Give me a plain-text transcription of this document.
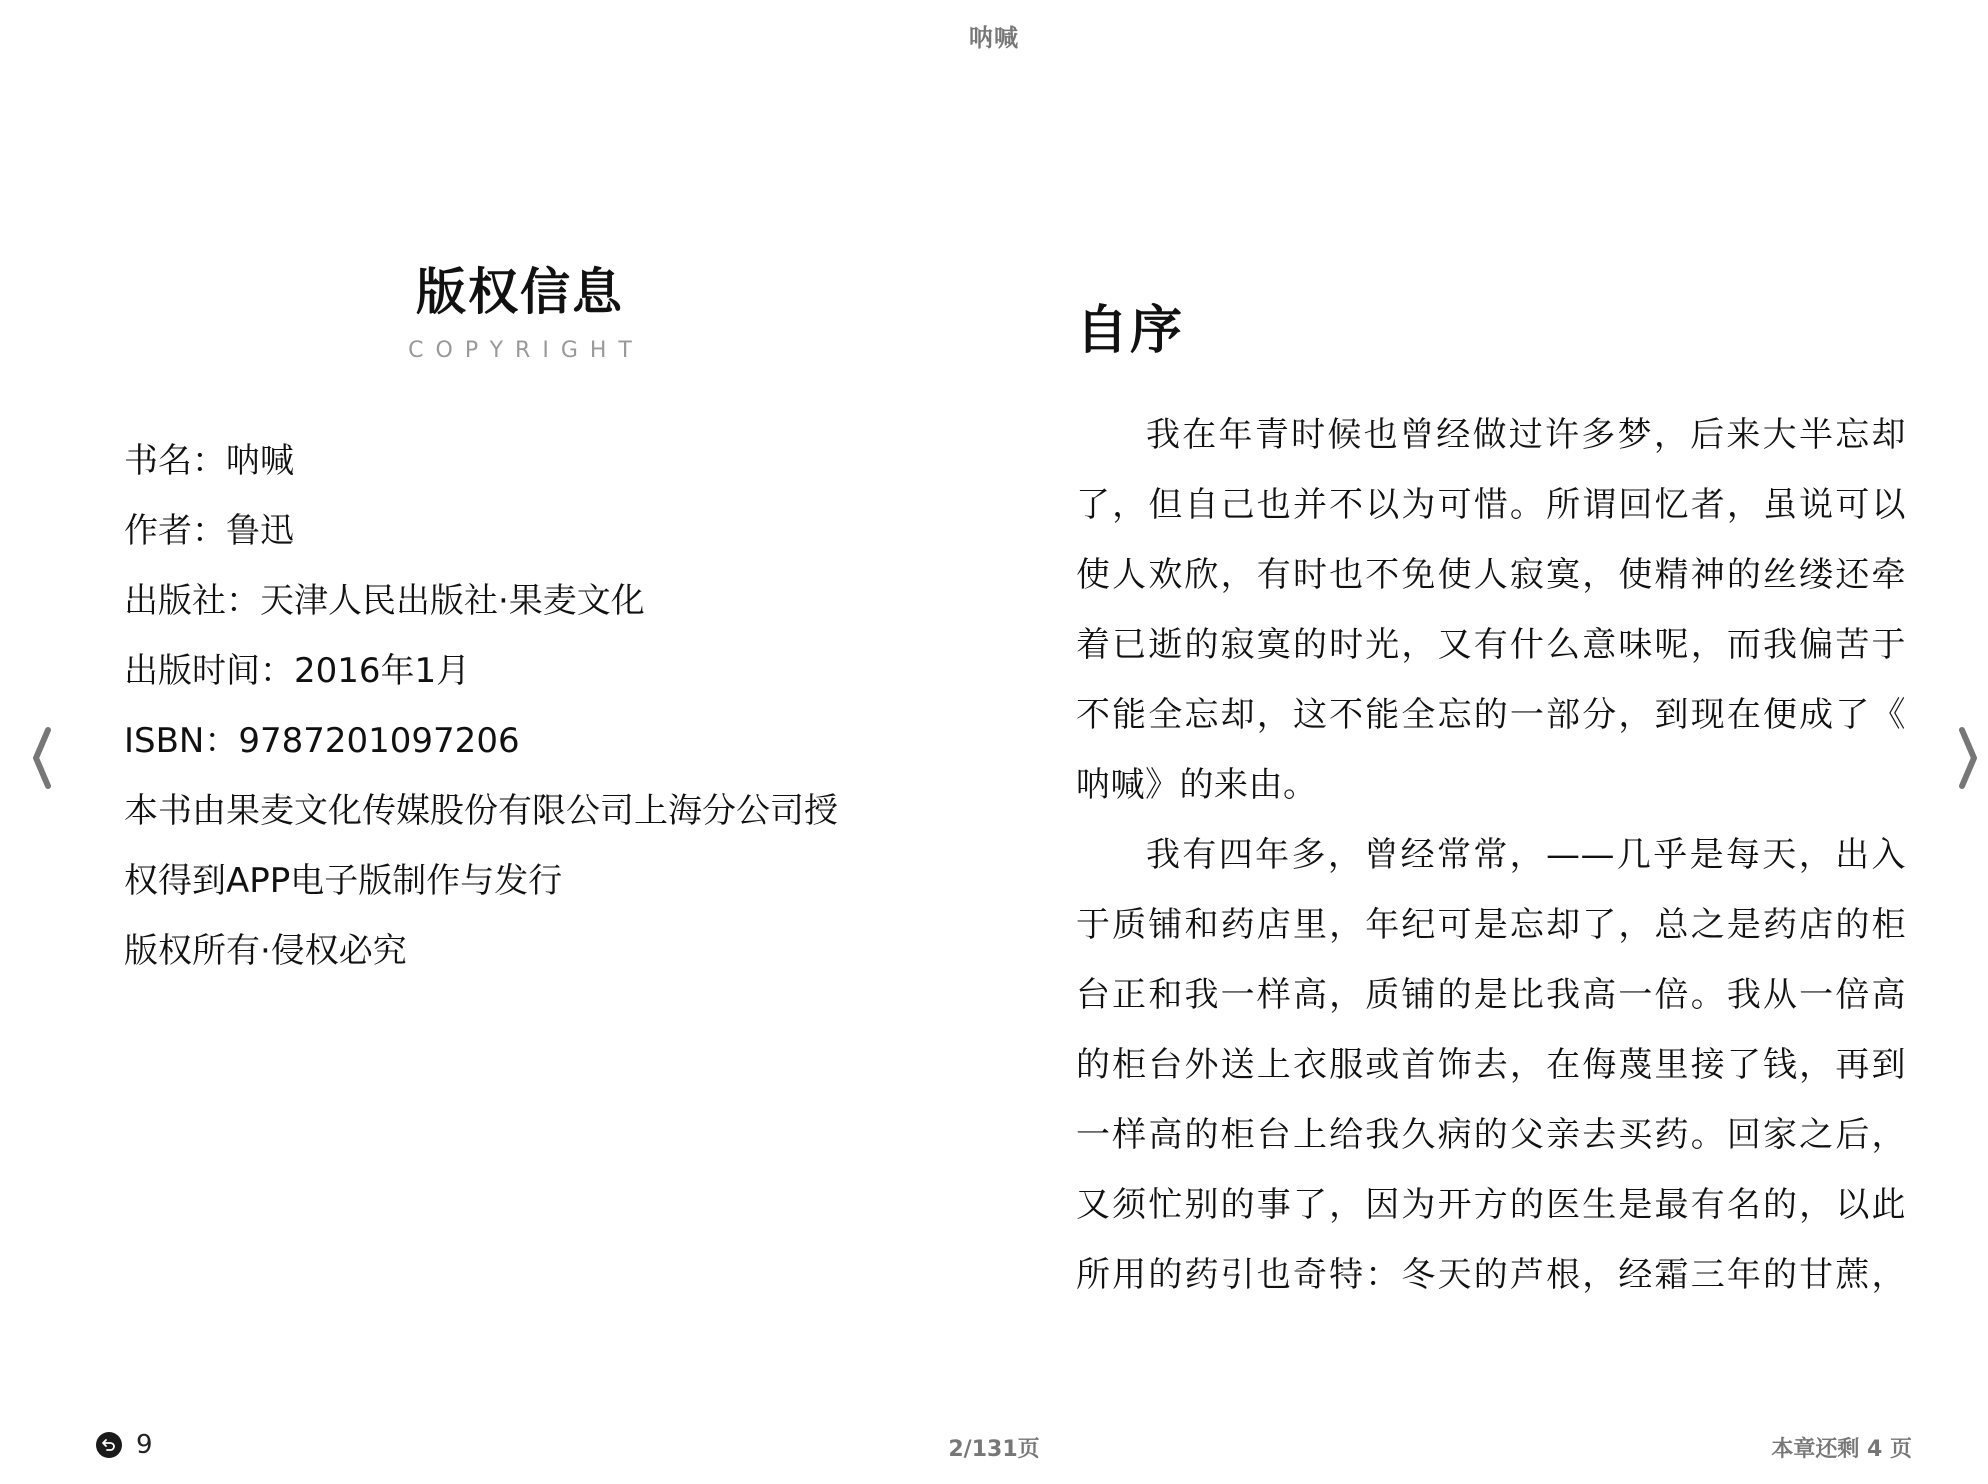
呐喊
版权信息
COPYRIGHT
书名：呐喊
作者：鲁迅
出版社：天津人民出版社·果麦文化
出版时间：2016年1月
ISBN：9787201097206
本书由果麦文化传媒股份有限公司上海分公司授
权得到APP电子版制作与发行
版权所有·侵权必究
自序
我在年青时候也曾经做过许多梦，后来大半忘却
了，但自己也并不以为可惜。所谓回忆者，虽说可以
使人欢欣，有时也不免使人寂寞，使精神的丝缕还牵
着已逝的寂寞的时光，又有什么意味呢，而我偏苦于
不能全忘却，这不能全忘的一部分，到现在便成了《
呐喊》的来由。
我有四年多，曾经常常，——几乎是每天，出入
于质铺和药店里，年纪可是忘却了，总之是药店的柜
台正和我一样高，质铺的是比我高一倍。我从一倍高
的柜台外送上衣服或首饰去，在侮蔑里接了钱，再到
一样高的柜台上给我久病的父亲去买药。回家之后，
又须忙别的事了，因为开方的医生是最有名的，以此
所用的药引也奇特：冬天的芦根，经霜三年的甘蔗，
9	2/131页	本章还剩 4 页
